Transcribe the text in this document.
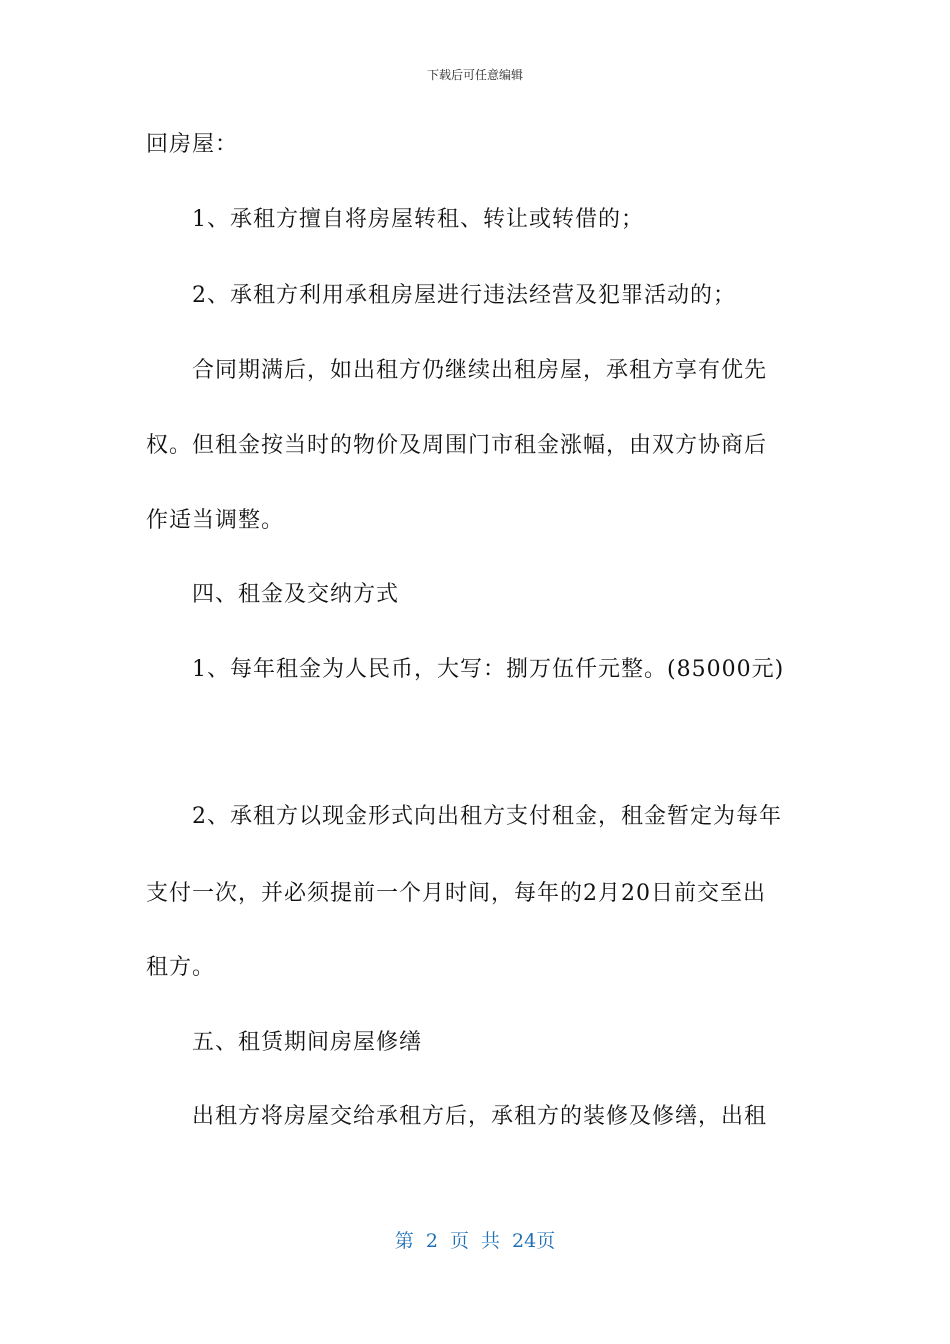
下载后可任意编辑
回房屋：
1、承租方擅自将房屋转租、转让或转借的；
2、承租方利用承租房屋进行违法经营及犯罪活动的；
合同期满后，如出租方仍继续出租房屋，承租方享有优先
权。但租金按当时的物价及周围门市租金涨幅，由双方协商后
作适当调整。
四、租金及交纳方式
1、每年租金为人民币，大写：捌万伍仟元整。(85000元)
2、承租方以现金形式向出租方支付租金，租金暂定为每年
支付一次，并必须提前一个月时间，每年的2月20日前交至出
租方。
五、租赁期间房屋修缮
出租方将房屋交给承租方后，承租方的装修及修缮，出租
第 2 页 共 24页
